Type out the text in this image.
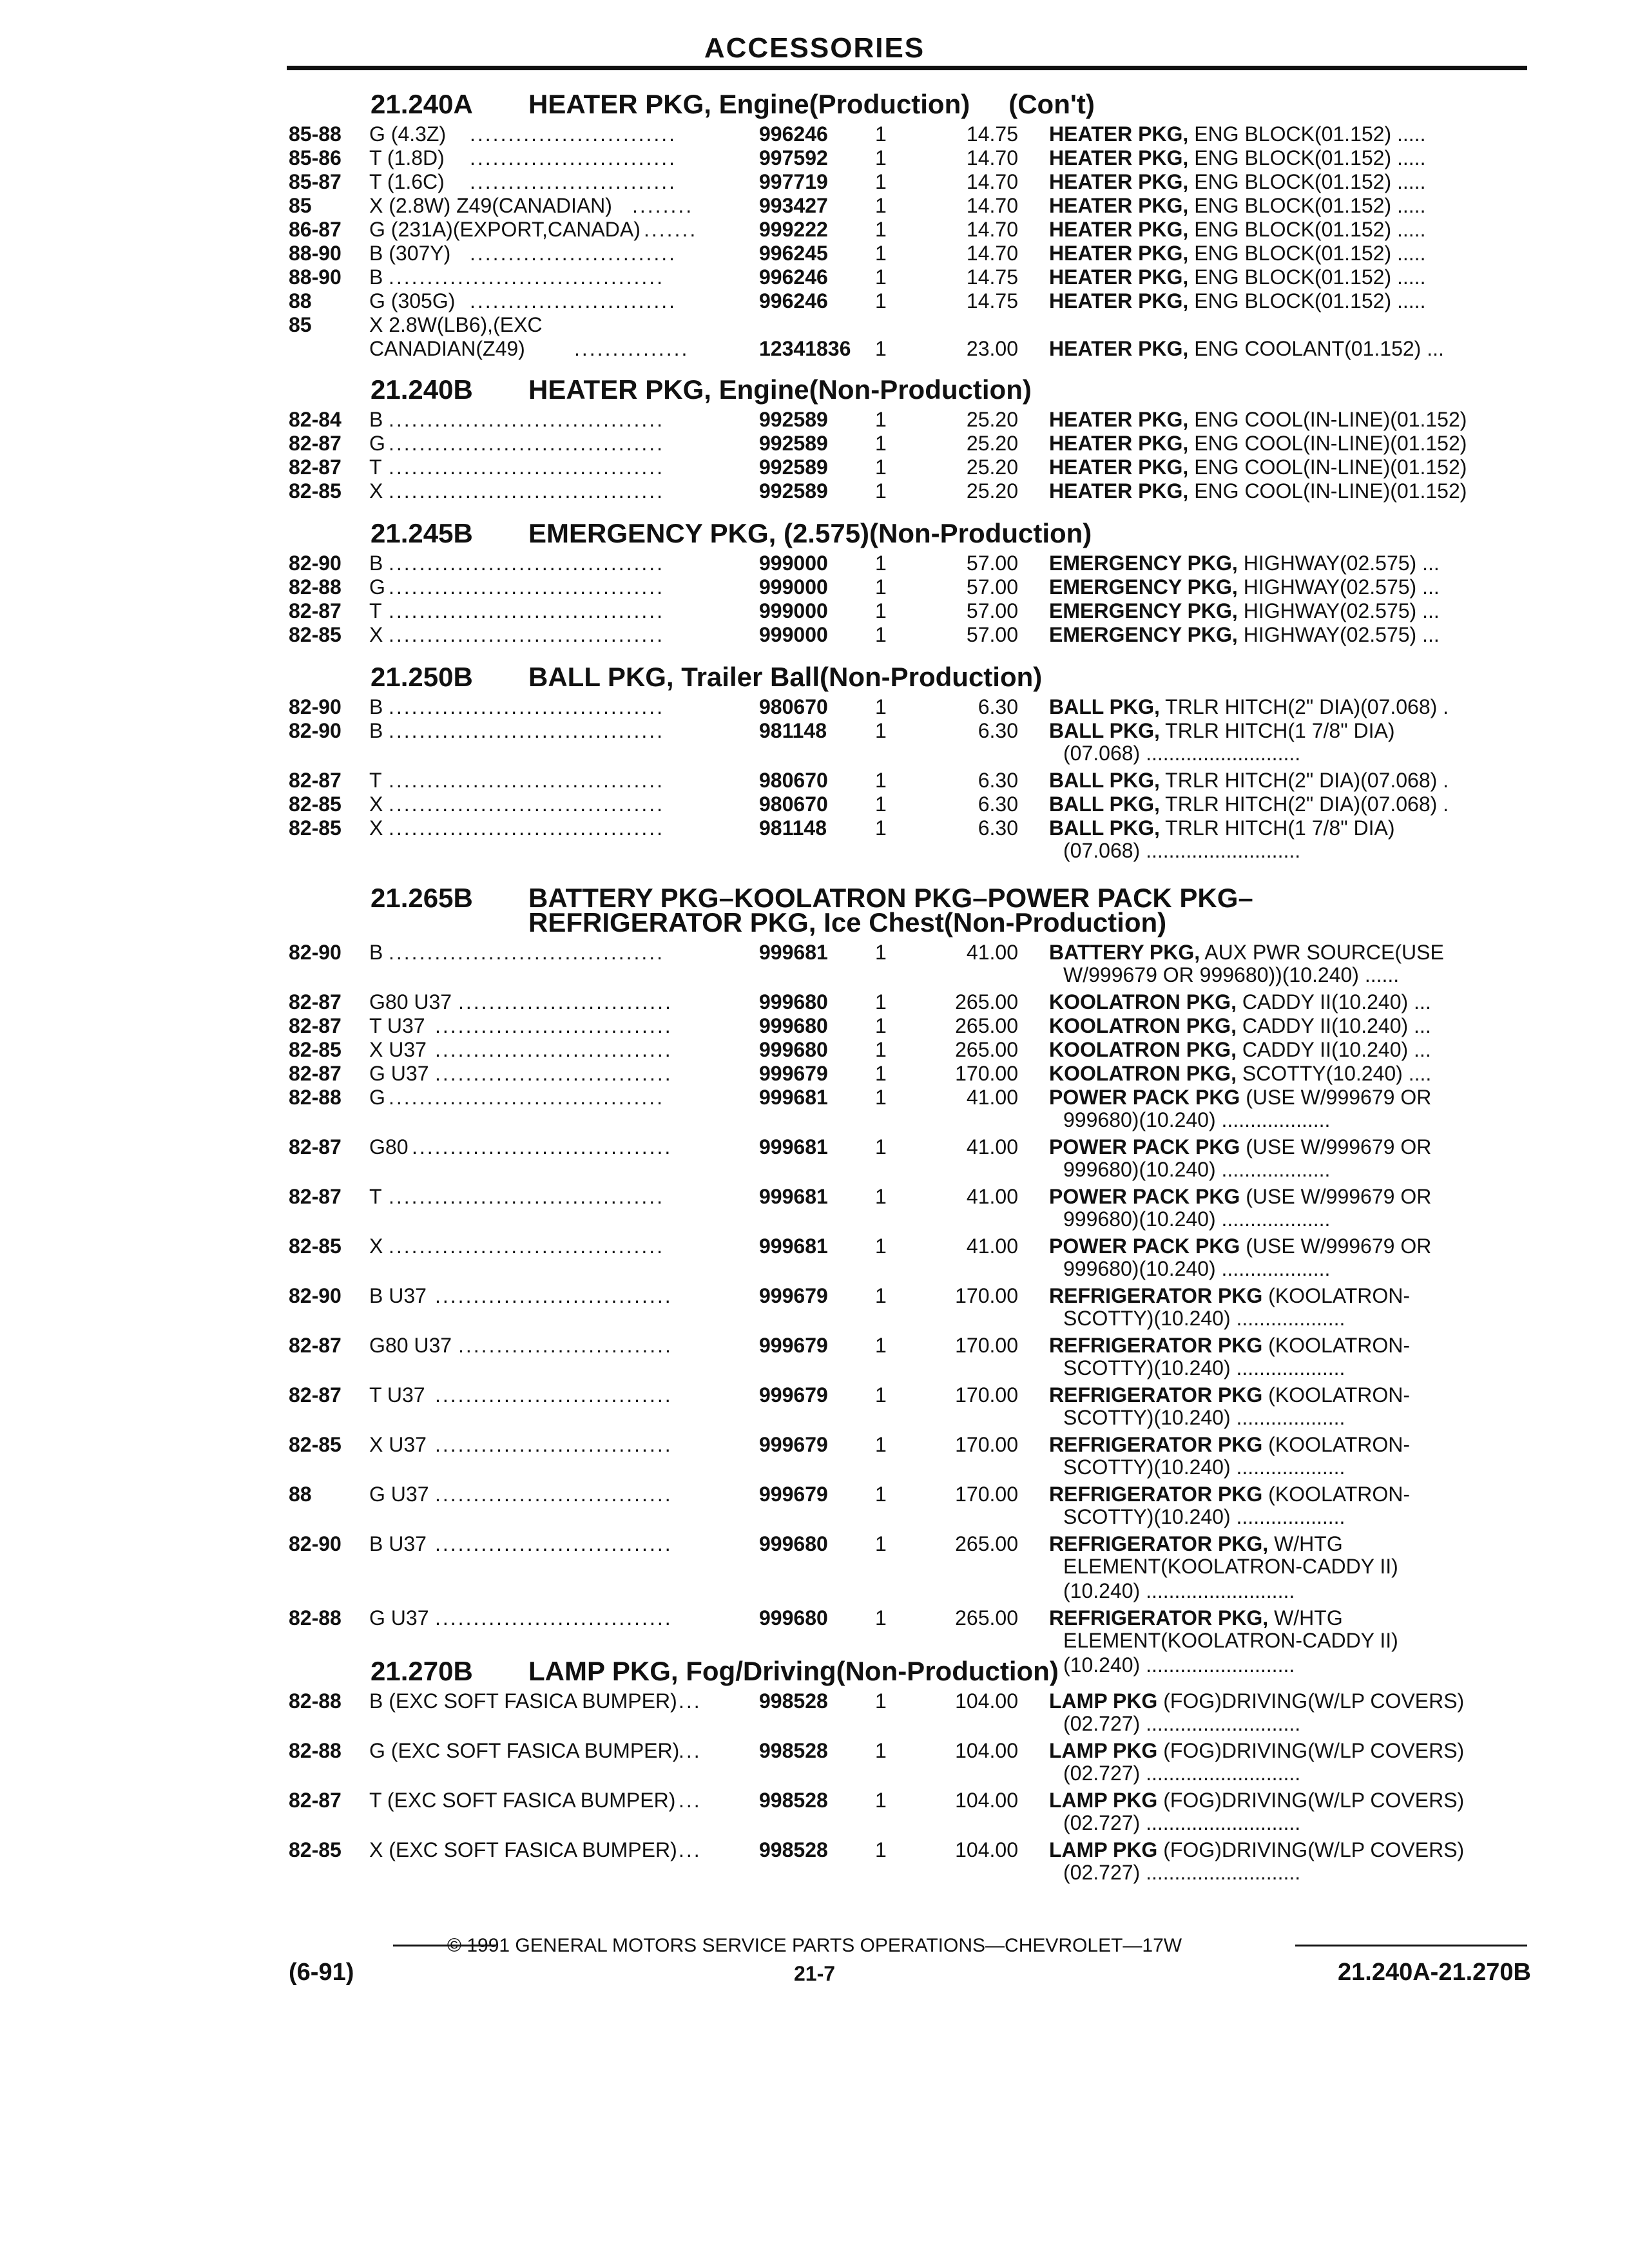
ACCESSORIES
21.240A HEATER PKG, Engine(Production) (Con't)
85-88 G (4.3Z) ...........................	996246 1	14.75 HEATER PKG, ENG BLOCK(01.152) .....
85-86 T (1.8D) ...........................	997592 1	14.70 HEATER PKG, ENG BLOCK(01.152) .....
85-87 T (1.6C) ...........................	997719 1	14.70 HEATER PKG, ENG BLOCK(01.152) .....
85	X (2.8W) Z49(CANADIAN) ........	993427 1	14.70 HEATER PKG, ENG BLOCK(01.152) .....
86-87 G (231A)(EXPORT,CANADA) .......	999222 1	14.70 HEATER PKG, ENG BLOCK(01.152) .....
88-90 B (307Y) ...........................	996245 1	14.70 HEATER PKG, ENG BLOCK(01.152) .....
88-90 B ....................................	996246 1	14.75 HEATER PKG, ENG BLOCK(01.152) .....
88	G (305G) ...........................	996246 1	14.75 HEATER PKG, ENG BLOCK(01.152) .....
85	X 2.8W(LB6),(EXC
CANADIAN(Z49) ...............	12341836 1	23.00 HEATER PKG, ENG COOLANT(01.152) ...
21.240B HEATER PKG, Engine(Non-Production)
82-84 B ....................................	992589 1	25.20 HEATER PKG, ENG COOL(IN-LINE)(01.152)
82-87 G ....................................	992589 1	25.20 HEATER PKG, ENG COOL(IN-LINE)(01.152)
82-87 T ....................................	992589 1	25.20 HEATER PKG, ENG COOL(IN-LINE)(01.152)
82-85 X ....................................	992589 1	25.20 HEATER PKG, ENG COOL(IN-LINE)(01.152)
21.245B EMERGENCY PKG, (2.575)(Non-Production)
82-90 B ....................................	999000 1	57.00 EMERGENCY PKG, HIGHWAY(02.575) ...
82-88 G ....................................	999000 1	57.00 EMERGENCY PKG, HIGHWAY(02.575) ...
82-87 T ....................................	999000 1	57.00 EMERGENCY PKG, HIGHWAY(02.575) ...
82-85 X ....................................	999000 1	57.00 EMERGENCY PKG, HIGHWAY(02.575) ...
21.250B BALL PKG, Trailer Ball(Non-Production)
82-90 B ....................................	980670 1	6.30 BALL PKG, TRLR HITCH(2" DIA)(07.068) .
82-90 B ....................................	981148 1	6.30 BALL PKG, TRLR HITCH(1 7/8" DIA)
(07.068) ...........................
82-87 T ....................................	980670 1	6.30 BALL PKG, TRLR HITCH(2" DIA)(07.068) .
82-85 X ....................................	980670 1	6.30 BALL PKG, TRLR HITCH(2" DIA)(07.068) .
82-85 X ....................................	981148 1	6.30 BALL PKG, TRLR HITCH(1 7/8" DIA)
(07.068) ...........................
21.265B BATTERY PKG–KOOLATRON PKG–POWER PACK PKG–
REFRIGERATOR PKG, Ice Chest(Non-Production)
82-90 B ....................................	999681 1	41.00 BATTERY PKG, AUX PWR SOURCE(USE
W/999679 OR 999680))(10.240) ......
82-87 G80 U37 ............................	999680 1	265.00 KOOLATRON PKG, CADDY II(10.240) ...
82-87 T U37 ...............................	999680 1	265.00 KOOLATRON PKG, CADDY II(10.240) ...
82-85 X U37 ...............................	999680 1	265.00 KOOLATRON PKG, CADDY II(10.240) ...
82-87 G U37 ...............................	999679 1	170.00 KOOLATRON PKG, SCOTTY(10.240) ....
82-88 G ....................................	999681 1	41.00 POWER PACK PKG (USE W/999679 OR
999680)(10.240) ...................
82-87 G80 ..................................	999681 1	41.00 POWER PACK PKG (USE W/999679 OR
999680)(10.240) ...................
82-87 T ....................................	999681 1	41.00 POWER PACK PKG (USE W/999679 OR
999680)(10.240) ...................
82-85 X ....................................	999681 1	41.00 POWER PACK PKG (USE W/999679 OR
999680)(10.240) ...................
82-90 B U37 ...............................	999679 1	170.00 REFRIGERATOR PKG (KOOLATRON-
SCOTTY)(10.240) ...................
82-87 G80 U37 ............................	999679 1	170.00 REFRIGERATOR PKG (KOOLATRON-
SCOTTY)(10.240) ...................
82-87 T U37 ...............................	999679 1	170.00 REFRIGERATOR PKG (KOOLATRON-
SCOTTY)(10.240) ...................
82-85 X U37 ...............................	999679 1	170.00 REFRIGERATOR PKG (KOOLATRON-
SCOTTY)(10.240) ...................
88	G U37 ...............................	999679 1	170.00 REFRIGERATOR PKG (KOOLATRON-
SCOTTY)(10.240) ...................
82-90 B U37 ...............................	999680 1	265.00 REFRIGERATOR PKG, W/HTG
ELEMENT(KOOLATRON-CADDY II)
(10.240) ..........................
82-88 G U37 ...............................	999680 1	265.00 REFRIGERATOR PKG, W/HTG
ELEMENT(KOOLATRON-CADDY II)
(10.240) ..........................
21.270B LAMP PKG, Fog/Driving(Non-Production)
82-88 B (EXC SOFT FASICA BUMPER) ...	998528 1	104.00 LAMP PKG (FOG)DRIVING(W/LP COVERS)
(02.727) ...........................
82-88 G (EXC SOFT FASICA BUMPER)
...	998528 1	104.00 LAMP PKG (FOG)DRIVING(W/LP COVERS)
(02.727) ...........................
82-87 T (EXC SOFT FASICA BUMPER) ...	998528 1	104.00 LAMP PKG (FOG)DRIVING(W/LP COVERS)
(02.727) ...........................
82-85 X (EXC SOFT FASICA BUMPER) ...	998528 1	104.00 LAMP PKG (FOG)DRIVING(W/LP COVERS)
(02.727) ...........................
© 1991 GENERAL MOTORS SERVICE PARTS OPERATIONS—CHEVROLET—17W
(6-91)	21-7	21.240A-21.270B
